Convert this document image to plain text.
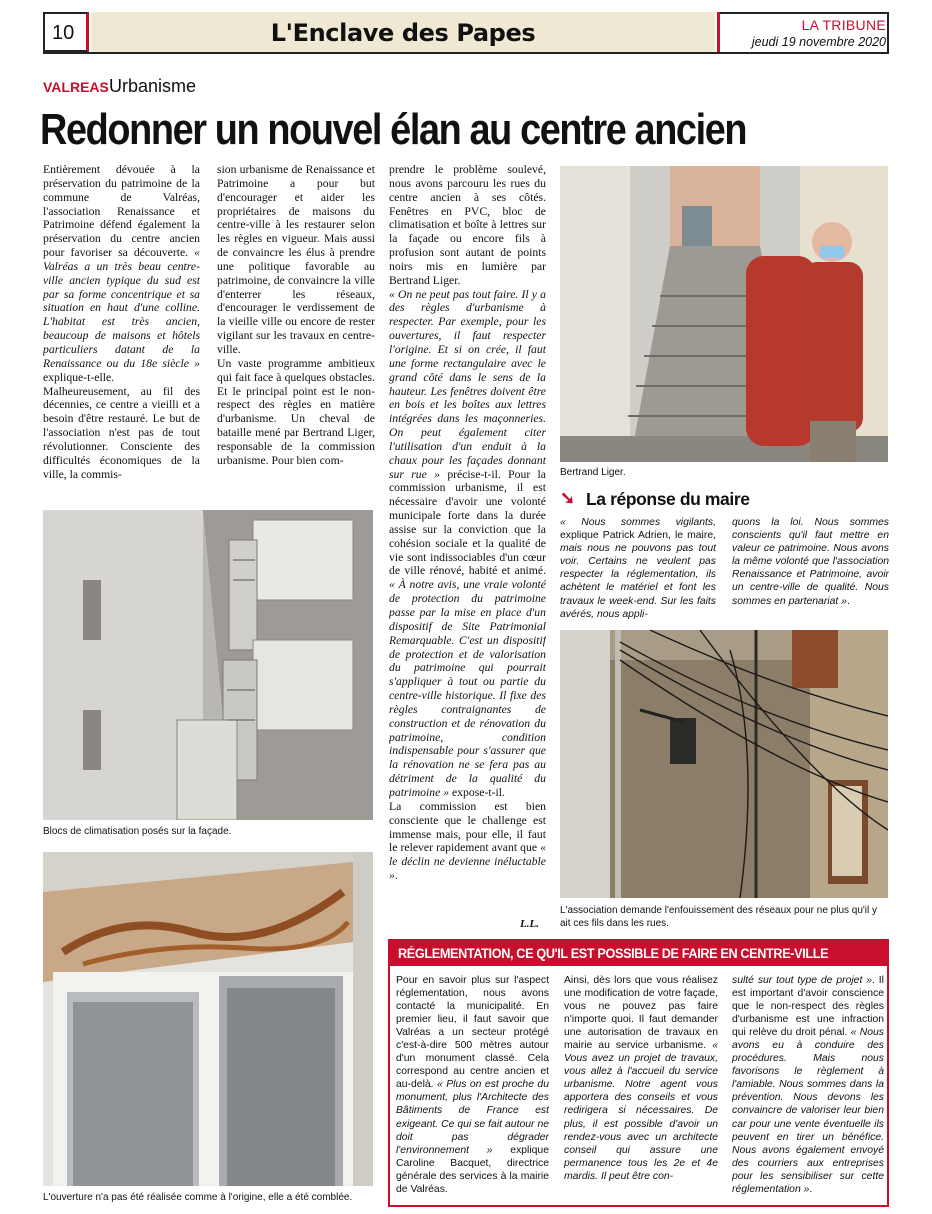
10	L'Enclave des Papes	LA TRIBUNE
jeudi 19 novembre 2020
VALREAS Urbanisme
Redonner un nouvel élan au centre ancien

Entièrement dévouée à la préservation du patrimoine de la commune de Valréas, l'association Renaissance et Patrimoine défend également la préservation du centre ancien pour favoriser sa découverte. « Valréas a un très beau centre-ville ancien typique du sud est par sa forme concentrique et sa situation en haut d'une colline. L'habitat est très ancien, beaucoup de maisons et hôtels particuliers datant de la Renaissance ou du 18e siècle » explique-t-elle.

Malheureusement, au fil des décennies, ce centre a vieilli et a besoin d'être restauré. Le but de l'association n'est pas de tout révolutionner. Consciente des difficultés économiques de la ville, la commis-

sion urbanisme de Renaissance et Patrimoine a pour but d'encourager et aider les propriétaires de maisons du centre-ville à les restaurer selon les règles en vigueur. Mais aussi de convaincre les élus à prendre une politique favorable au patrimoine, de convaincre la ville d'enterrer les réseaux, d'encourager le verdissement de la vieille ville ou encore de rester vigilant sur les travaux en centre-ville.

Un vaste programme ambitieux qui fait face à quelques obstacles. Et le principal point est le non-respect des règles en matière d'urbanisme. Un cheval de bataille mené par Bertrand Liger, responsable de la commission urbanisme. Pour bien com-

prendre le problème soulevé, nous avons parcouru les rues du centre ancien à ses côtés. Fenêtres en PVC, bloc de climatisation et boîte à lettres sur la façade ou encore fils à profusion sont autant de points noirs mis en lumière par Bertrand Liger.

« On ne peut pas tout faire. Il y a des règles d'urbanisme à respecter. Par exemple, pour les ouvertures, il faut respecter l'origine. Et si on crée, il faut une forme rectangulaire avec le grand côté dans le sens de la hauteur. Les fenêtres doivent être en bois et les boîtes aux lettres intégrées dans les maçonneries. On peut également citer l'utilisation d'un enduit à la chaux pour les façades donnant sur rue » précise-t-il. Pour la commission urbanisme, il est nécessaire d'avoir une volonté municipale forte dans la durée assise sur la conviction que la cohésion sociale et la qualité de vie sont indissociables d'un cœur de ville rénové, habité et animé. « À notre avis, une vraie volonté de protection du patrimoine passe par la mise en place d'un dispositif de Site Patrimonial Remarquable. C'est un dispositif de protection et de valorisation du patrimoine qui pourrait s'appliquer à tout ou partie du centre-ville historique. Il fixe des règles contraignantes de construction et de rénovation du patrimoine, condition indispensable pour s'assurer que la rénovation ne se fera pas au détriment de la qualité du patrimoine » expose-t-il.

La commission est bien consciente que le challenge est immense mais, pour elle, il faut le relever rapidement avant que « le déclin ne devienne inéluctable ».

L.L.
Bertrand Liger.
➘ La réponse du maire

« Nous sommes vigilants, explique Patrick Adrien, le maire, mais nous ne pouvons pas tout voir. Certains ne veulent pas respecter la réglementation, ils achètent le matériel et font les travaux le week-end. Sur les faits avérés, nous appli-

quons la loi. Nous sommes conscients qu'il faut mettre en valeur ce patrimoine. Nous avons la même volonté que l'association Renaissance et Patrimoine, avoir un centre-ville de qualité. Nous sommes en partenariat ».

L'association demande l'enfouissement des réseaux pour ne plus qu'il y ait ces fils dans les rues.
Blocs de climatisation posés sur la façade.
L'ouverture n'a pas été réalisée comme à l'origine, elle a été comblée.
RÉGLEMENTATION, CE QU'IL EST POSSIBLE DE FAIRE EN CENTRE-VILLE

Pour en savoir plus sur l'aspect réglementation, nous avons contacté la municipalité. En premier lieu, il faut savoir que Valréas a un secteur protégé c'est-à-dire 500 mètres autour d'un monument classé. Cela correspond au centre ancien et au-delà. « Plus on est proche du monument, plus l'Architecte des Bâtiments de France est exigeant. Ce qui se fait autour ne doit pas dégrader l'environnement » explique Caroline Bacquet, directrice générale des services à la mairie de Valréas.

Ainsi, dès lors que vous réalisez une modification de votre façade, vous ne pouvez pas faire n'importe quoi. Il faut demander une autorisation de travaux en mairie au service urbanisme. « Vous avez un projet de travaux, vous allez à l'accueil du service urbanisme. Notre agent vous apportera des conseils et vous redirigera si nécessaires. De plus, il est possible d'avoir un rendez-vous avec un architecte conseil qui assure une permanence tous les 2e et 4e mardis. Il peut être con-

sulté sur tout type de projet ». Il est important d'avoir conscience que le non-respect des règles d'urbanisme est une infraction qui relève du droit pénal. « Nous avons eu à conduire des procédures. Mais nous favorisons le règlement à l'amiable. Nous sommes dans la prévention. Nous devons les convaincre de valoriser leur bien car pour une vente éventuelle ils peuvent en tirer un bénéfice. Nous avons également envoyé des courriers aux entreprises pour les sensibiliser sur cette réglementation ».
